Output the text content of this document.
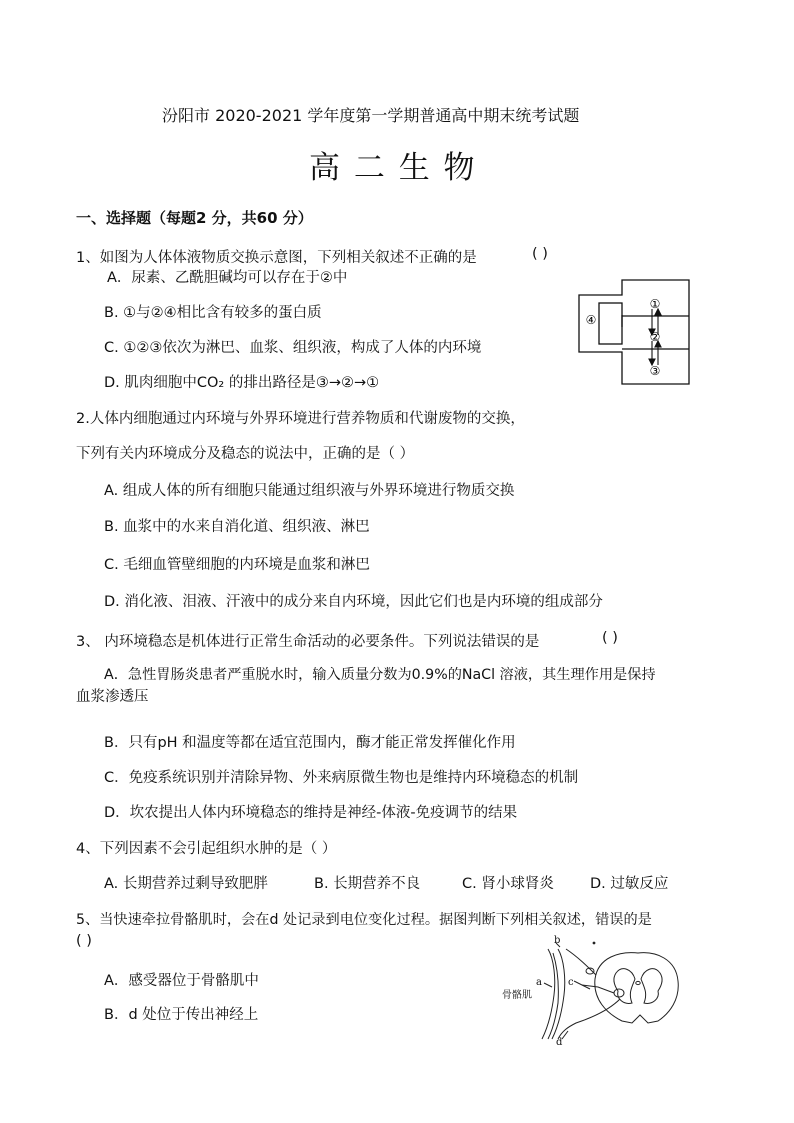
汾阳市 2020-2021 学年度第一学期普通高中期末统考试题
高 二 生 物
一、选择题（每题2 分，共60 分）
1、如图为人体体液物质交换示意图，下列相关叙述不正确的是	( )
A．尿素、乙酰胆碱均可以存在于②中
B. ①与②④相比含有较多的蛋白质
C. ①②③依次为淋巴、血浆、组织液，构成了人体的内环境
D. 肌肉细胞中CO₂ 的排出路径是③→②→①
①
②
③
④
2.人体内细胞通过内环境与外界环境进行营养物质和代谢废物的交换，
下列有关内环境成分及稳态的说法中，正确的是（ ）
A. 组成人体的所有细胞只能通过组织液与外界环境进行物质交换
B. 血浆中的水来自消化道、组织液、淋巴
C. 毛细血管壁细胞的内环境是血浆和淋巴
D. 消化液、泪液、汗液中的成分来自内环境，因此它们也是内环境的组成部分
3、 内环境稳态是机体进行正常生命活动的必要条件。下列说法错误的是	( )
A．急性胃肠炎患者严重脱水时，输入质量分数为0.9%的NaCl 溶液，其生理作用是保持
血浆渗透压
B．只有pH 和温度等都在适宜范围内，酶才能正常发挥催化作用
C．免疫系统识别并清除异物、外来病原微生物也是维持内环境稳态的机制
D．坎农提出人体内环境稳态的维持是神经-体液-免疫调节的结果
4、下列因素不会引起组织水肿的是（ ）
A. 长期营养过剩导致肥胖	B. 长期营养不良	C. 肾小球肾炎 D. 过敏反应
5、当快速牵拉骨骼肌时，会在d 处记录到电位变化过程。据图判断下列相关叙述，错误的是
( )
A．感受器位于骨骼肌中
B．d 处位于传出神经上
b
a	c
d
骨骼肌
